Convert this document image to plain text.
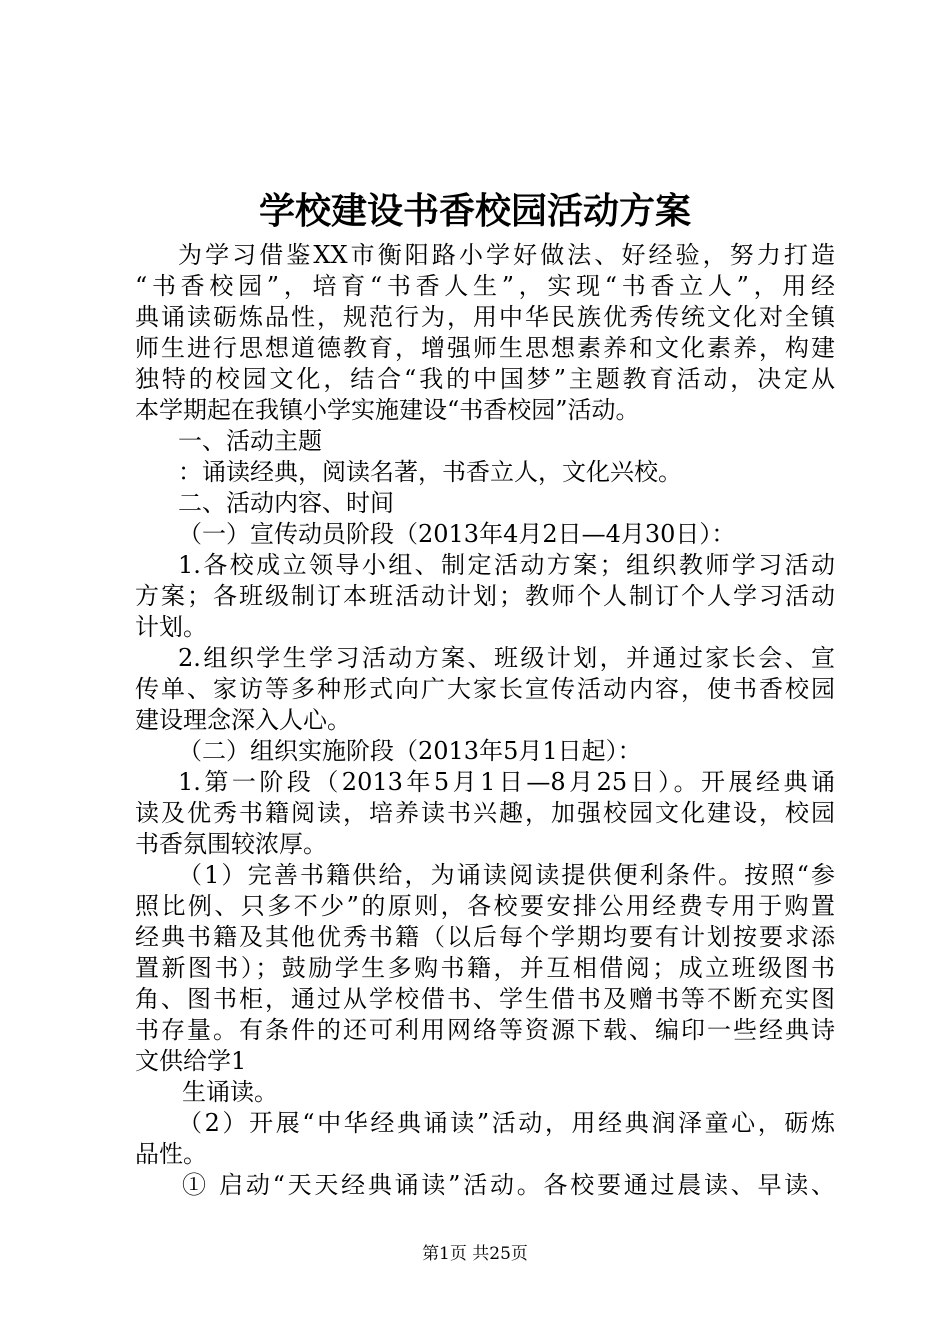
学校建设书香校园活动方案
为学习借鉴XX市衡阳路小学好做法、好经验，努力打造
“书香校园”，培育“书香人生”，实现“书香立人”，用经
典诵读砺炼品性，规范行为，用中华民族优秀传统文化对全镇
师生进行思想道德教育，增强师生思想素养和文化素养，构建
独特的校园文化，结合“我的中国梦”主题教育活动，决定从
本学期起在我镇小学实施建设“书香校园”活动。
一、活动主题
：诵读经典，阅读名著，书香立人，文化兴校。
二、活动内容、时间
（一）宣传动员阶段（2013年4月2日—4月30日）：
1.各校成立领导小组、制定活动方案；组织教师学习活动
方案；各班级制订本班活动计划；教师个人制订个人学习活动
计划。
2.组织学生学习活动方案、班级计划，并通过家长会、宣
传单、家访等多种形式向广大家长宣传活动内容，使书香校园
建设理念深入人心。
（二）组织实施阶段（2013年5月1日起）：
1.第一阶段（2013年5月1日—8月25日）。开展经典诵
读及优秀书籍阅读，培养读书兴趣，加强校园文化建设，校园
书香氛围较浓厚。
（1）完善书籍供给，为诵读阅读提供便利条件。按照“参
照比例、只多不少”的原则，各校要安排公用经费专用于购置
经典书籍及其他优秀书籍（以后每个学期均要有计划按要求添
置新图书）；鼓励学生多购书籍，并互相借阅；成立班级图书
角、图书柜，通过从学校借书、学生借书及赠书等不断充实图
书存量。有条件的还可利用网络等资源下载、编印一些经典诗
文供给学1
生诵读。
（2）开展“中华经典诵读”活动，用经典润泽童心，砺炼
品性。
① 启动“天天经典诵读”活动。各校要通过晨读、早读、
第1页 共25页
